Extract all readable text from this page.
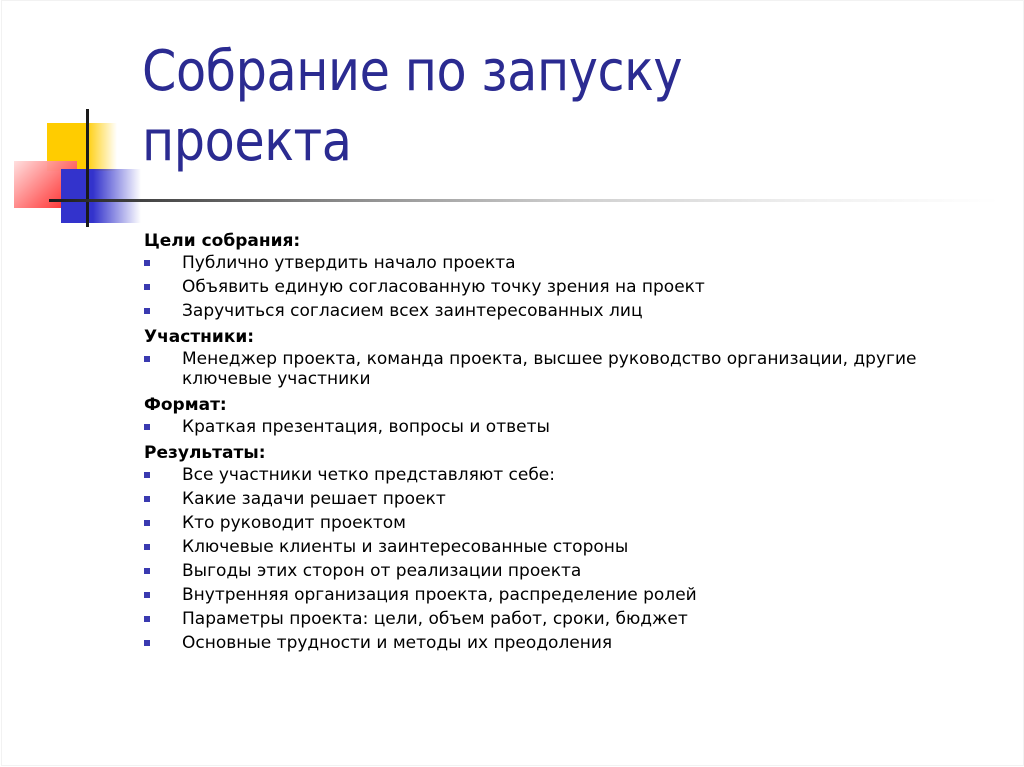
Собрание по запуску
проекта
Цели собрания:
Публично утвердить начало проекта
Объявить единую согласованную точку зрения на проект
Заручиться согласием всех заинтересованных лиц
Участники:
Менеджер проекта, команда проекта, высшее руководство организации, другие ключевые участники
Формат:
Краткая презентация, вопросы и ответы
Результаты:
Все участники четко представляют себе:
Какие задачи решает проект
Кто руководит проектом
Ключевые клиенты и заинтересованные стороны
Выгоды этих сторон от реализации проекта
Внутренняя организация проекта, распределение ролей
Параметры проекта: цели, объем работ, сроки, бюджет
Основные трудности и методы их преодоления
